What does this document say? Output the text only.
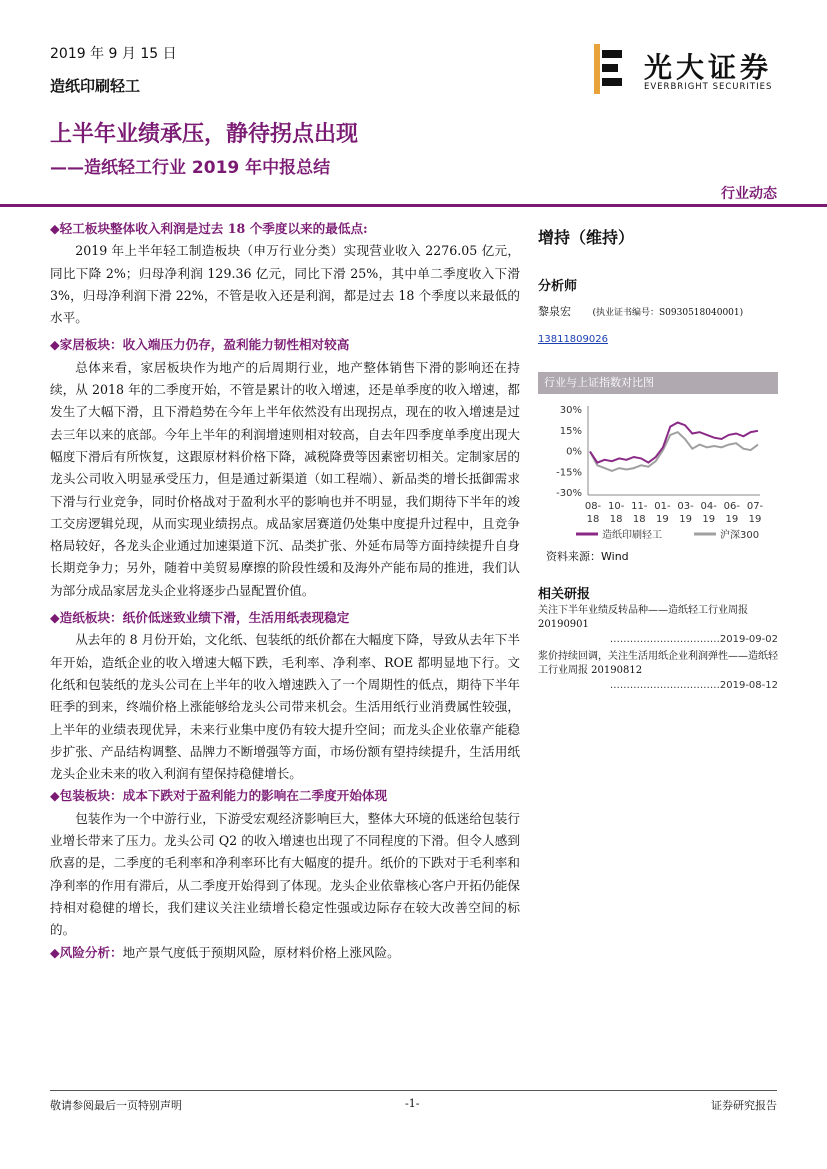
2019 年 9 月 15 日
造纸印刷轻工
光大证券
EVERBRIGHT SECURITIES
上半年业绩承压，静待拐点出现
——造纸轻工行业 2019 年中报总结
行业动态
◆轻工板块整体收入利润是过去 18 个季度以来的最低点:

2019 年上半年轻工制造板块（申万行业分类）实现营业收入 2276.05 亿元，同比下降 2%；归母净利润 129.36 亿元，同比下滑 25%，其中单二季度收入下滑 3%，归母净利润下滑 22%，不管是收入还是利润，都是过去 18 个季度以来最低的水平。

◆家居板块：收入端压力仍存，盈利能力韧性相对较高

总体来看，家居板块作为地产的后周期行业，地产整体销售下滑的影响还在持续，从 2018 年的二季度开始，不管是累计的收入增速，还是单季度的收入增速，都发生了大幅下滑，且下滑趋势在今年上半年依然没有出现拐点，现在的收入增速是过去三年以来的底部。今年上半年的利润增速则相对较高，自去年四季度单季度出现大幅度下滑后有所恢复，这跟原材料价格下降，减税降费等因素密切相关。定制家居的龙头公司收入明显承受压力，但是通过新渠道（如工程端）、新品类的增长抵御需求下滑与行业竞争，同时价格战对于盈利水平的影响也并不明显，我们期待下半年的竣工交房逻辑兑现，从而实现业绩拐点。成品家居赛道仍处集中度提升过程中，且竞争格局较好，各龙头企业通过加速渠道下沉、品类扩张、外延布局等方面持续提升自身长期竞争力；另外，随着中美贸易摩擦的阶段性缓和及海外产能布局的推进，我们认为部分成品家居龙头企业将逐步凸显配置价值。

◆造纸板块：纸价低迷致业绩下滑，生活用纸表现稳定

从去年的 8 月份开始，文化纸、包装纸的纸价都在大幅度下降，导致从去年下半年开始，造纸企业的收入增速大幅下跌，毛利率、净利率、ROE 都明显地下行。文化纸和包装纸的龙头公司在上半年的收入增速跌入了一个周期性的低点，期待下半年旺季的到来，终端价格上涨能够给龙头公司带来机会。生活用纸行业消费属性较强，上半年的业绩表现优异，未来行业集中度仍有较大提升空间；而龙头企业依靠产能稳步扩张、产品结构调整、品牌力不断增强等方面，市场份额有望持续提升，生活用纸龙头企业未来的收入利润有望保持稳健增长。

◆包装板块：成本下跌对于盈利能力的影响在二季度开始体现

包装作为一个中游行业，下游受宏观经济影响巨大，整体大环境的低迷给包装行业增长带来了压力。龙头公司 Q2 的收入增速也出现了不同程度的下滑。但令人感到欣喜的是，二季度的毛利率和净利率环比有大幅度的提升。纸价的下跌对于毛利率和净利率的作用有滞后，从二季度开始得到了体现。龙头企业依靠核心客户开拓仍能保持相对稳健的增长，我们建议关注业绩增长稳定性强或边际存在较大改善空间的标的。

◆风险分析：地产景气度低于预期风险，原材料价格上涨风险。
增持（维持）
分析师
黎泉宏 (执业证书编号：S0930518040001)
13811809026
行业与上证指数对比图
30%
15%
0%
-15%
-30%
08-
18
10-
18
11-
18
01-
19
03-
19
04-
19
06-
19
07-
19
造纸印刷轻工	沪深300
资料来源：Wind
相关研报
关注下半年业绩反转品种——造纸轻工行业周报 20190901
……………………………2019-09-02
浆价持续回调，关注生活用纸企业利润弹性——造纸轻工行业周报 20190812
……………………………2019-08-12
敬请参阅最后一页特别声明	-1-	证券研究报告
